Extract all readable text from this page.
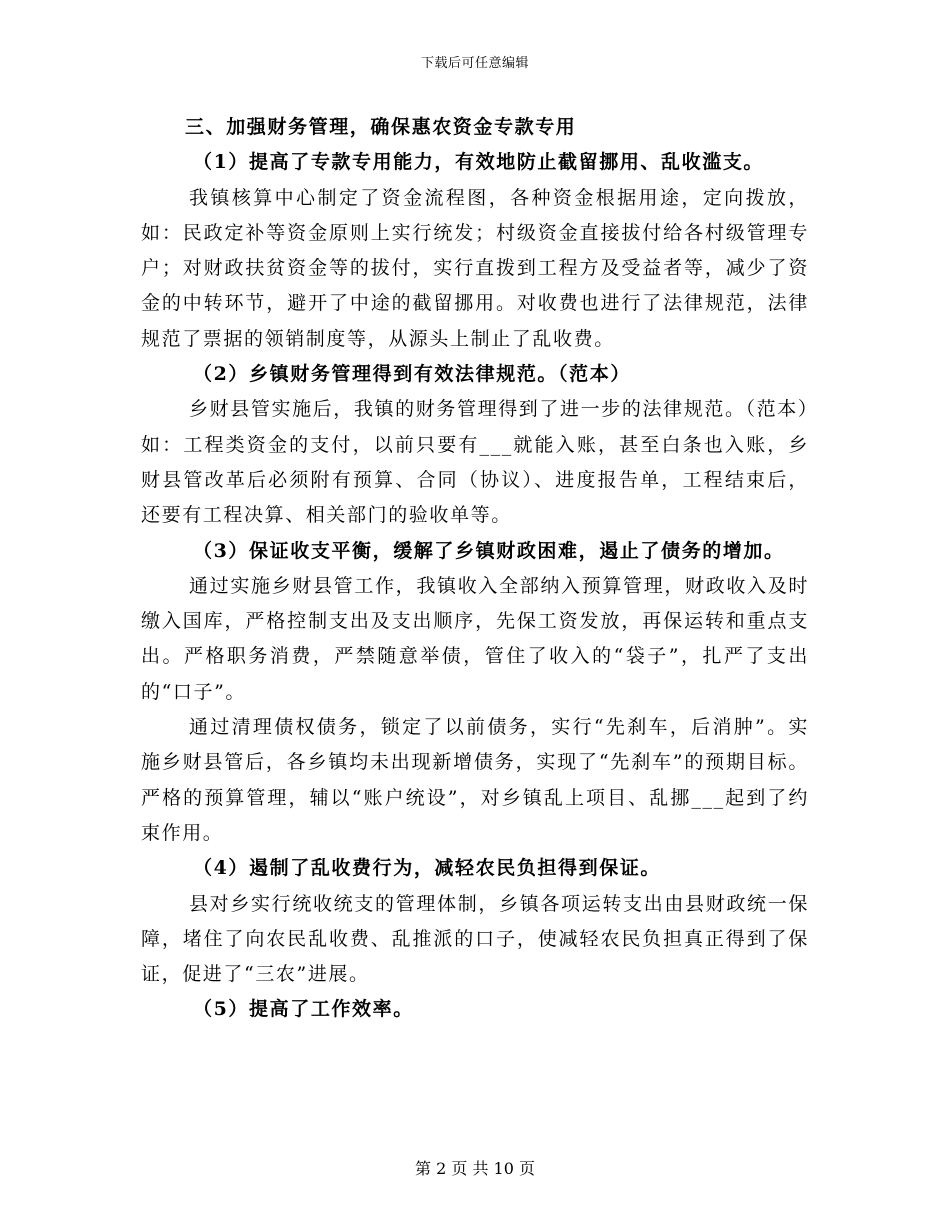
下载后可任意编辑

三、加强财务管理，确保惠农资金专款专用

（1）提高了专款专用能力，有效地防止截留挪用、乱收滥支。

我镇核算中心制定了资金流程图，各种资金根据用途，定向拨放，如：民政定补等资金原则上实行统发；村级资金直接拔付给各村级管理专户；对财政扶贫资金等的拔付，实行直拨到工程方及受益者等，减少了资金的中转环节，避开了中途的截留挪用。对收费也进行了法律规范，法律规范了票据的领销制度等，从源头上制止了乱收费。

（2）乡镇财务管理得到有效法律规范。（范本）

乡财县管实施后，我镇的财务管理得到了进一步的法律规范。（范本）如：工程类资金的支付，以前只要有___就能入账，甚至白条也入账，乡财县管改革后必须附有预算、合同（协议）、进度报告单，工程结束后，还要有工程决算、相关部门的验收单等。

（3）保证收支平衡，缓解了乡镇财政困难，遏止了债务的增加。

通过实施乡财县管工作，我镇收入全部纳入预算管理，财政收入及时缴入国库，严格控制支出及支出顺序，先保工资发放，再保运转和重点支出。严格职务消费，严禁随意举债，管住了收入的“袋子”，扎严了支出的“口子”。

通过清理债权债务，锁定了以前债务，实行“先刹车，后消肿”。实施乡财县管后，各乡镇均未出现新增债务，实现了“先刹车”的预期目标。严格的预算管理，辅以“账户统设”，对乡镇乱上项目、乱挪___起到了约束作用。

（4）遏制了乱收费行为，减轻农民负担得到保证。

县对乡实行统收统支的管理体制，乡镇各项运转支出由县财政统一保障，堵住了向农民乱收费、乱推派的口子，使减轻农民负担真正得到了保证，促进了“三农”进展。

（5）提高了工作效率。

第 2 页 共 10 页
